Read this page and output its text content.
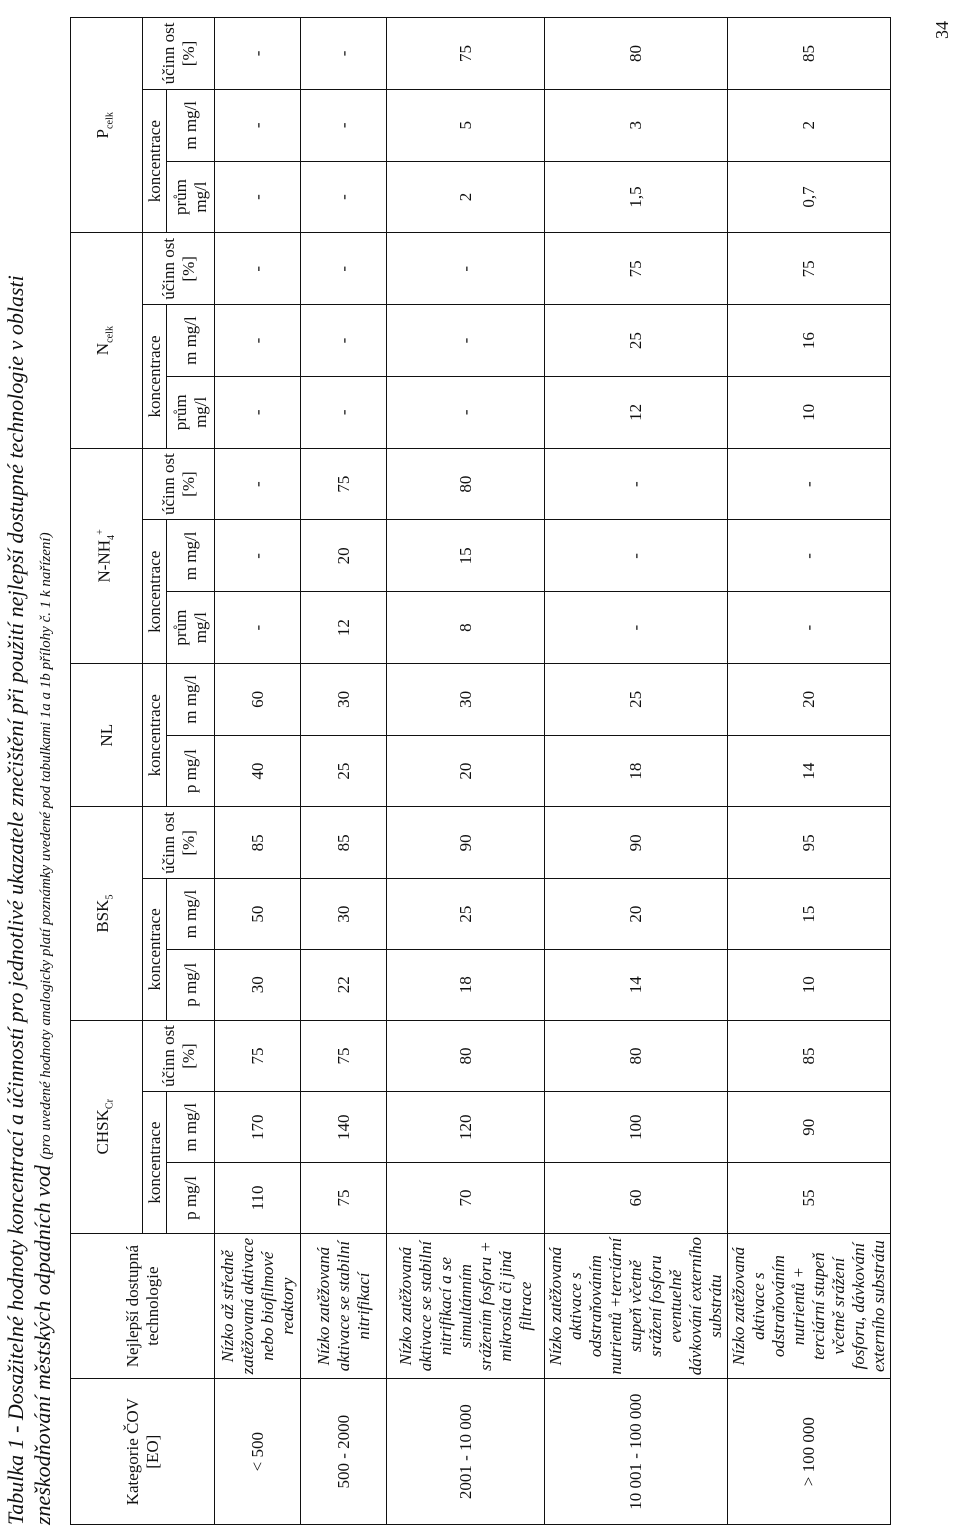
Tabulka 1 - Dosažitelné hodnoty koncentrací a účinností pro jednotlivé ukazatele znečištění při použití nejlepší dostupné technologie v oblasti zneškodňování městských odpadních vod (pro uvedené hodnoty analogicky platí poznámky uvedené pod tabulkami 1a a 1b přílohy č. 1 k nařízení)
Kategorie ČOV [EO]	Nejlepší dostupná technologie	$CHSK_{Cr}$			$BSK_5$			NL		$N-NH_4^+$			$N_{celk}$			$P_{celk}$
		koncentrace		účinn ost [%]	koncentrace		účinn ost [%]	koncentrace		koncentrace		účinn ost [%]	koncentrace		účinn ost [%]	koncentrace		účinn ost [%]
		p mg/l	m mg/l		p mg/l	m mg/l		p mg/l	m mg/l	prům mg/l	m mg/l		prům mg/l	m mg/l		prům mg/l	m mg/l	
< 500	Nízko až středně zatěžovaná aktivace nebo biofilmové reaktory	110	170	75	30	50	85	40	60	-	-	-	-	-	-	-	-	-
500 - 2000	Nízko zatěžovaná aktivace se stabilní nitrifikací	75	140	75	22	30	85	25	30	12	20	75	-	-	-	-	-	-
2001 - 10 000	Nízko zatěžovaná aktivace se stabilní nitrifikací a se simultánním srážením fosforu + mikrosíta či jiná filtrace	70	120	80	18	25	90	20	30	8	15	80	-	-	-	2	5	75
10 001 - 100 000	Nízko zatěžovaná aktivace s odstraňováním nutrientů +terciární stupeň včetně srážení fosforu eventuelně dávkování externího substrátu	60	100	80	14	20	90	18	25	-	-	-	12	25	75	1,5	3	80
> 100 000	Nízko zatěžovaná aktivace s odstraňováním nutrientů + terciární stupeň včetně srážení fosforu, dávkování externího substrátu	55	90	85	10	15	95	14	20	-	-	-	10	16	75	0,7	2	85
34
